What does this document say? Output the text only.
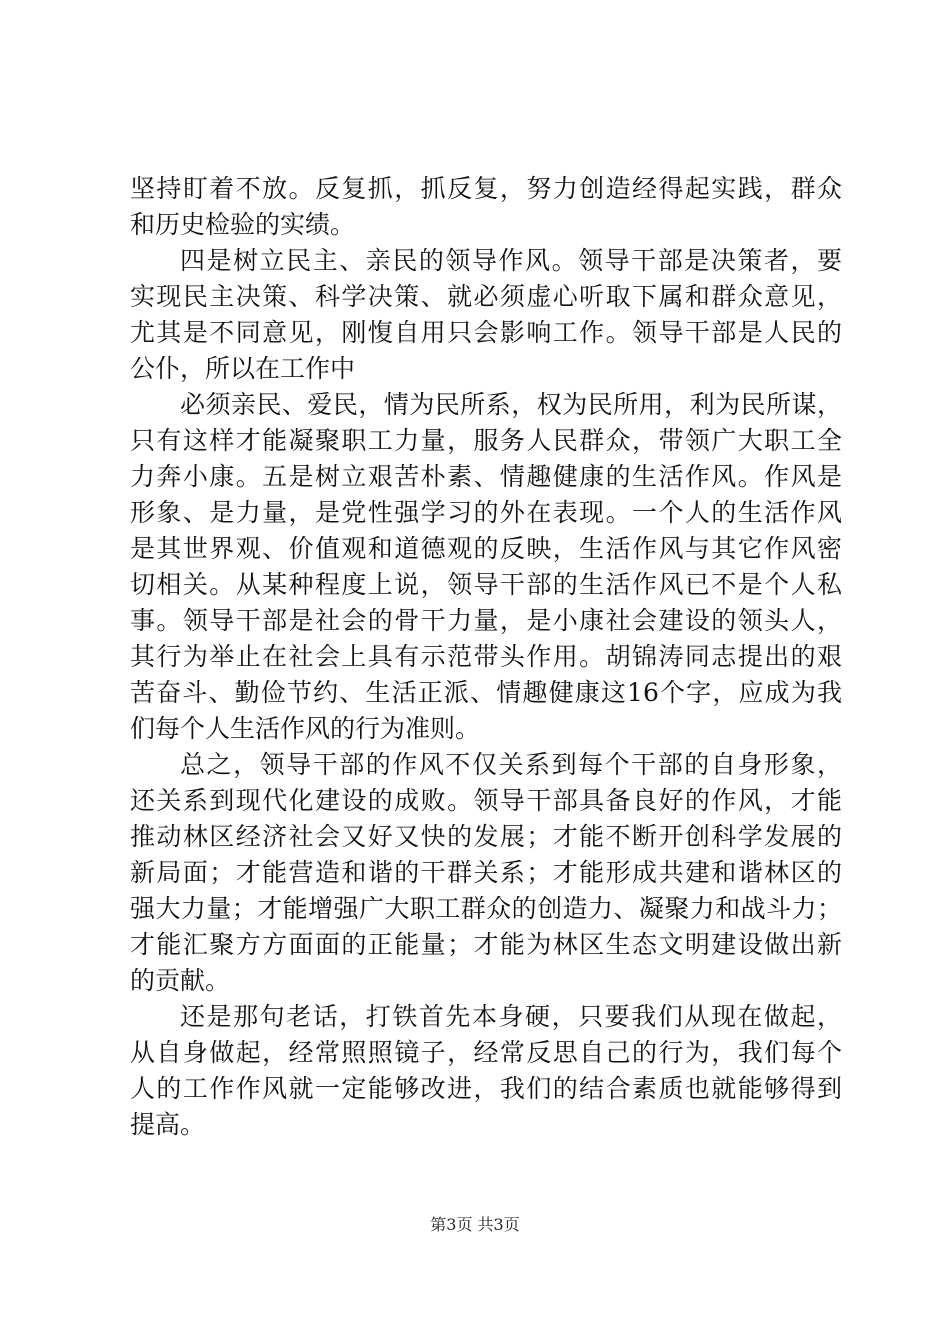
坚持盯着不放。反复抓，抓反复，努力创造经得起实践，群众
和历史检验的实绩。
四是树立民主、亲民的领导作风。领导干部是决策者，要
实现民主决策、科学决策、就必须虚心听取下属和群众意见，
尤其是不同意见，刚愎自用只会影响工作。领导干部是人民的
公仆，所以在工作中
必须亲民、爱民，情为民所系，权为民所用，利为民所谋，
只有这样才能凝聚职工力量，服务人民群众，带领广大职工全
力奔小康。五是树立艰苦朴素、情趣健康的生活作风。作风是
形象、是力量，是党性强学习的外在表现。一个人的生活作风
是其世界观、价值观和道德观的反映，生活作风与其它作风密
切相关。从某种程度上说，领导干部的生活作风已不是个人私
事。领导干部是社会的骨干力量，是小康社会建设的领头人，
其行为举止在社会上具有示范带头作用。胡锦涛同志提出的艰
苦奋斗、勤俭节约、生活正派、情趣健康这16个字，应成为我
们每个人生活作风的行为准则。
总之，领导干部的作风不仅关系到每个干部的自身形象，
还关系到现代化建设的成败。领导干部具备良好的作风，才能
推动林区经济社会又好又快的发展；才能不断开创科学发展的
新局面；才能营造和谐的干群关系；才能形成共建和谐林区的
强大力量；才能增强广大职工群众的创造力、凝聚力和战斗力；
才能汇聚方方面面的正能量；才能为林区生态文明建设做出新
的贡献。
还是那句老话，打铁首先本身硬，只要我们从现在做起，
从自身做起，经常照照镜子，经常反思自己的行为，我们每个
人的工作作风就一定能够改进，我们的结合素质也就能够得到
提高。
第3页 共3页
